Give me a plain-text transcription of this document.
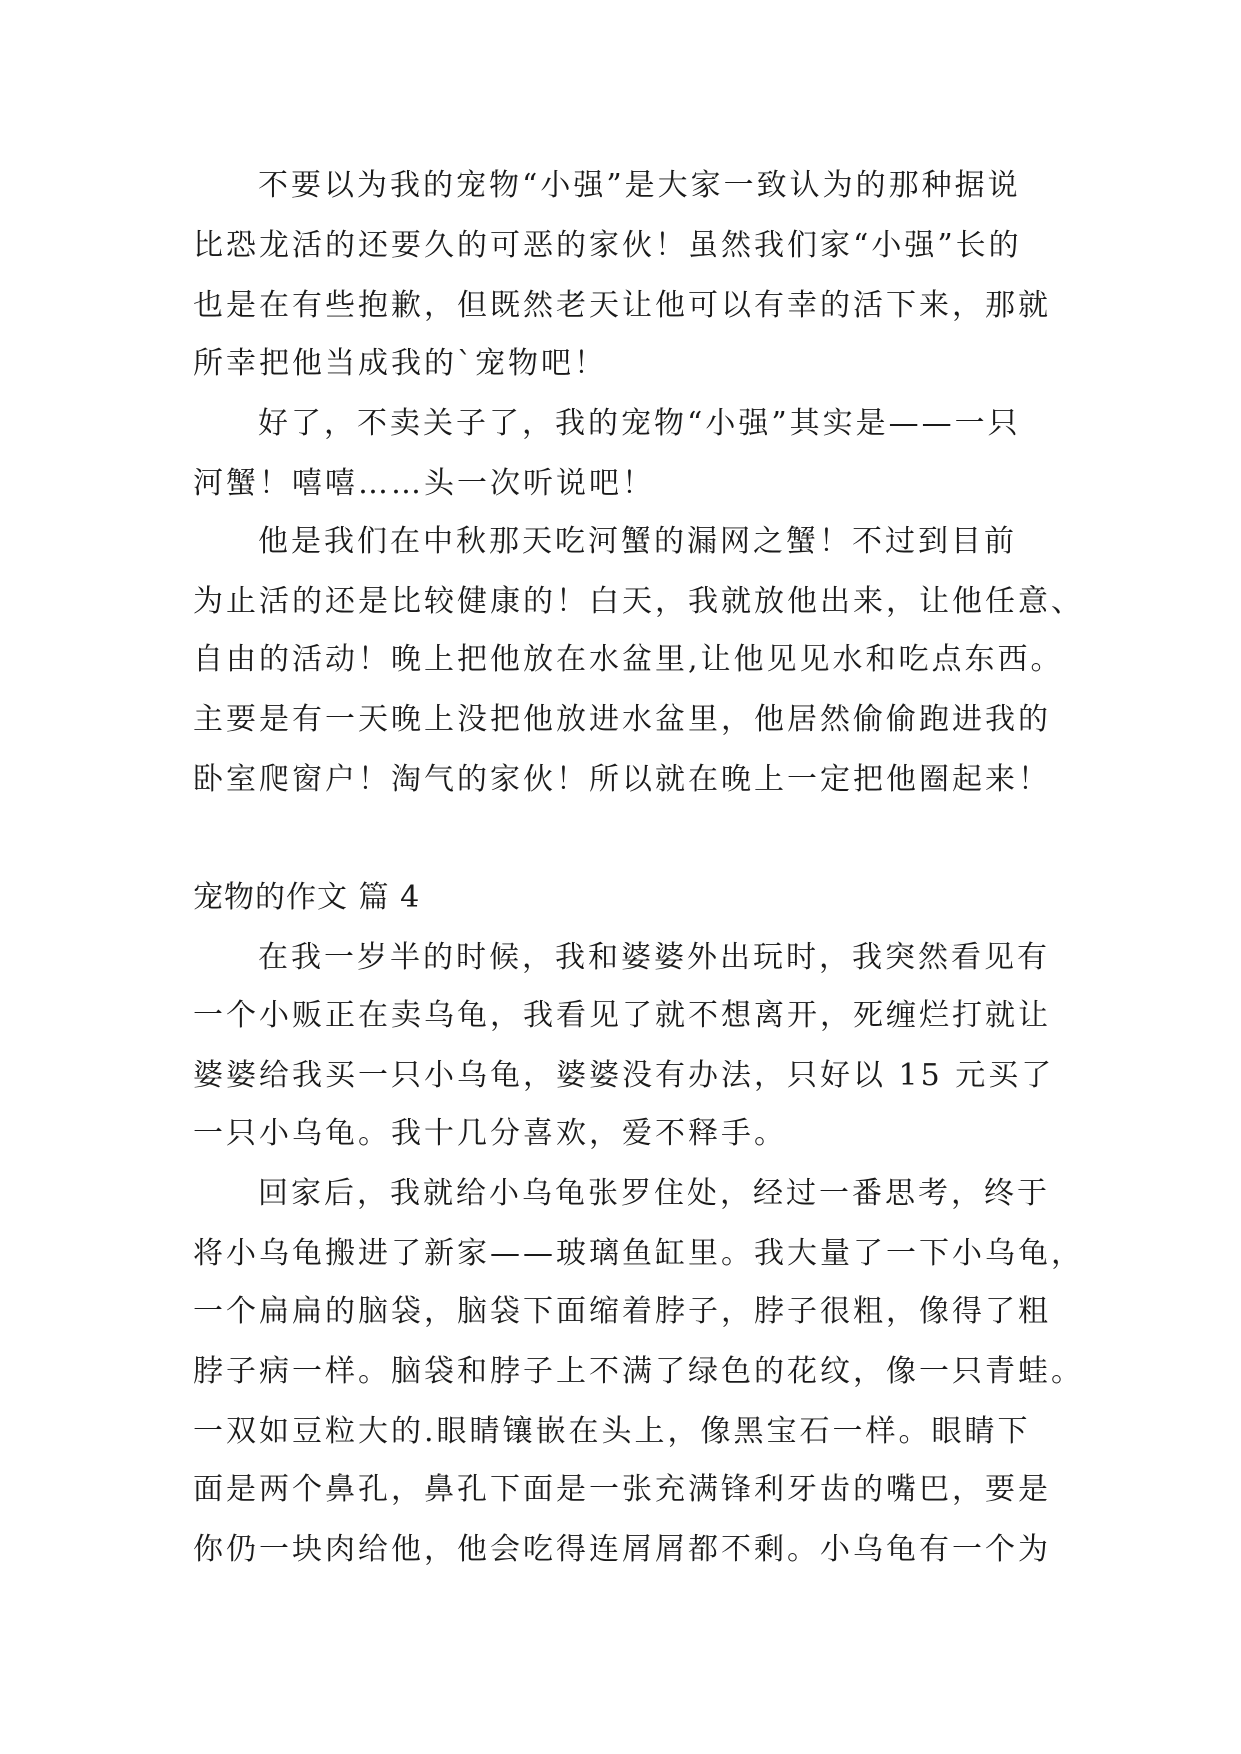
不要以为我的宠物“小强”是大家一致认为的那种据说
比恐龙活的还要久的可恶的家伙！虽然我们家“小强”长的
也是在有些抱歉，但既然老天让他可以有幸的活下来，那就
所幸把他当成我的`宠物吧！
好了，不卖关子了，我的宠物“小强”其实是——一只
河蟹！嘻嘻……头一次听说吧！
他是我们在中秋那天吃河蟹的漏网之蟹！不过到目前
为止活的还是比较健康的！白天，我就放他出来，让他任意、
自由的活动！晚上把他放在水盆里,让他见见水和吃点东西。
主要是有一天晚上没把他放进水盆里，他居然偷偷跑进我的
卧室爬窗户！淘气的家伙！所以就在晚上一定把他圈起来！
宠物的作文 篇 4
在我一岁半的时候，我和婆婆外出玩时，我突然看见有
一个小贩正在卖乌龟，我看见了就不想离开，死缠烂打就让
婆婆给我买一只小乌龟，婆婆没有办法，只好以 15 元买了
一只小乌龟。我十几分喜欢，爱不释手。
回家后，我就给小乌龟张罗住处，经过一番思考，终于
将小乌龟搬进了新家——玻璃鱼缸里。我大量了一下小乌龟，
一个扁扁的脑袋，脑袋下面缩着脖子，脖子很粗，像得了粗
脖子病一样。脑袋和脖子上不满了绿色的花纹，像一只青蛙。
一双如豆粒大的.眼睛镶嵌在头上，像黑宝石一样。眼睛下
面是两个鼻孔，鼻孔下面是一张充满锋利牙齿的嘴巴，要是
你仍一块肉给他，他会吃得连屑屑都不剩。小乌龟有一个为
